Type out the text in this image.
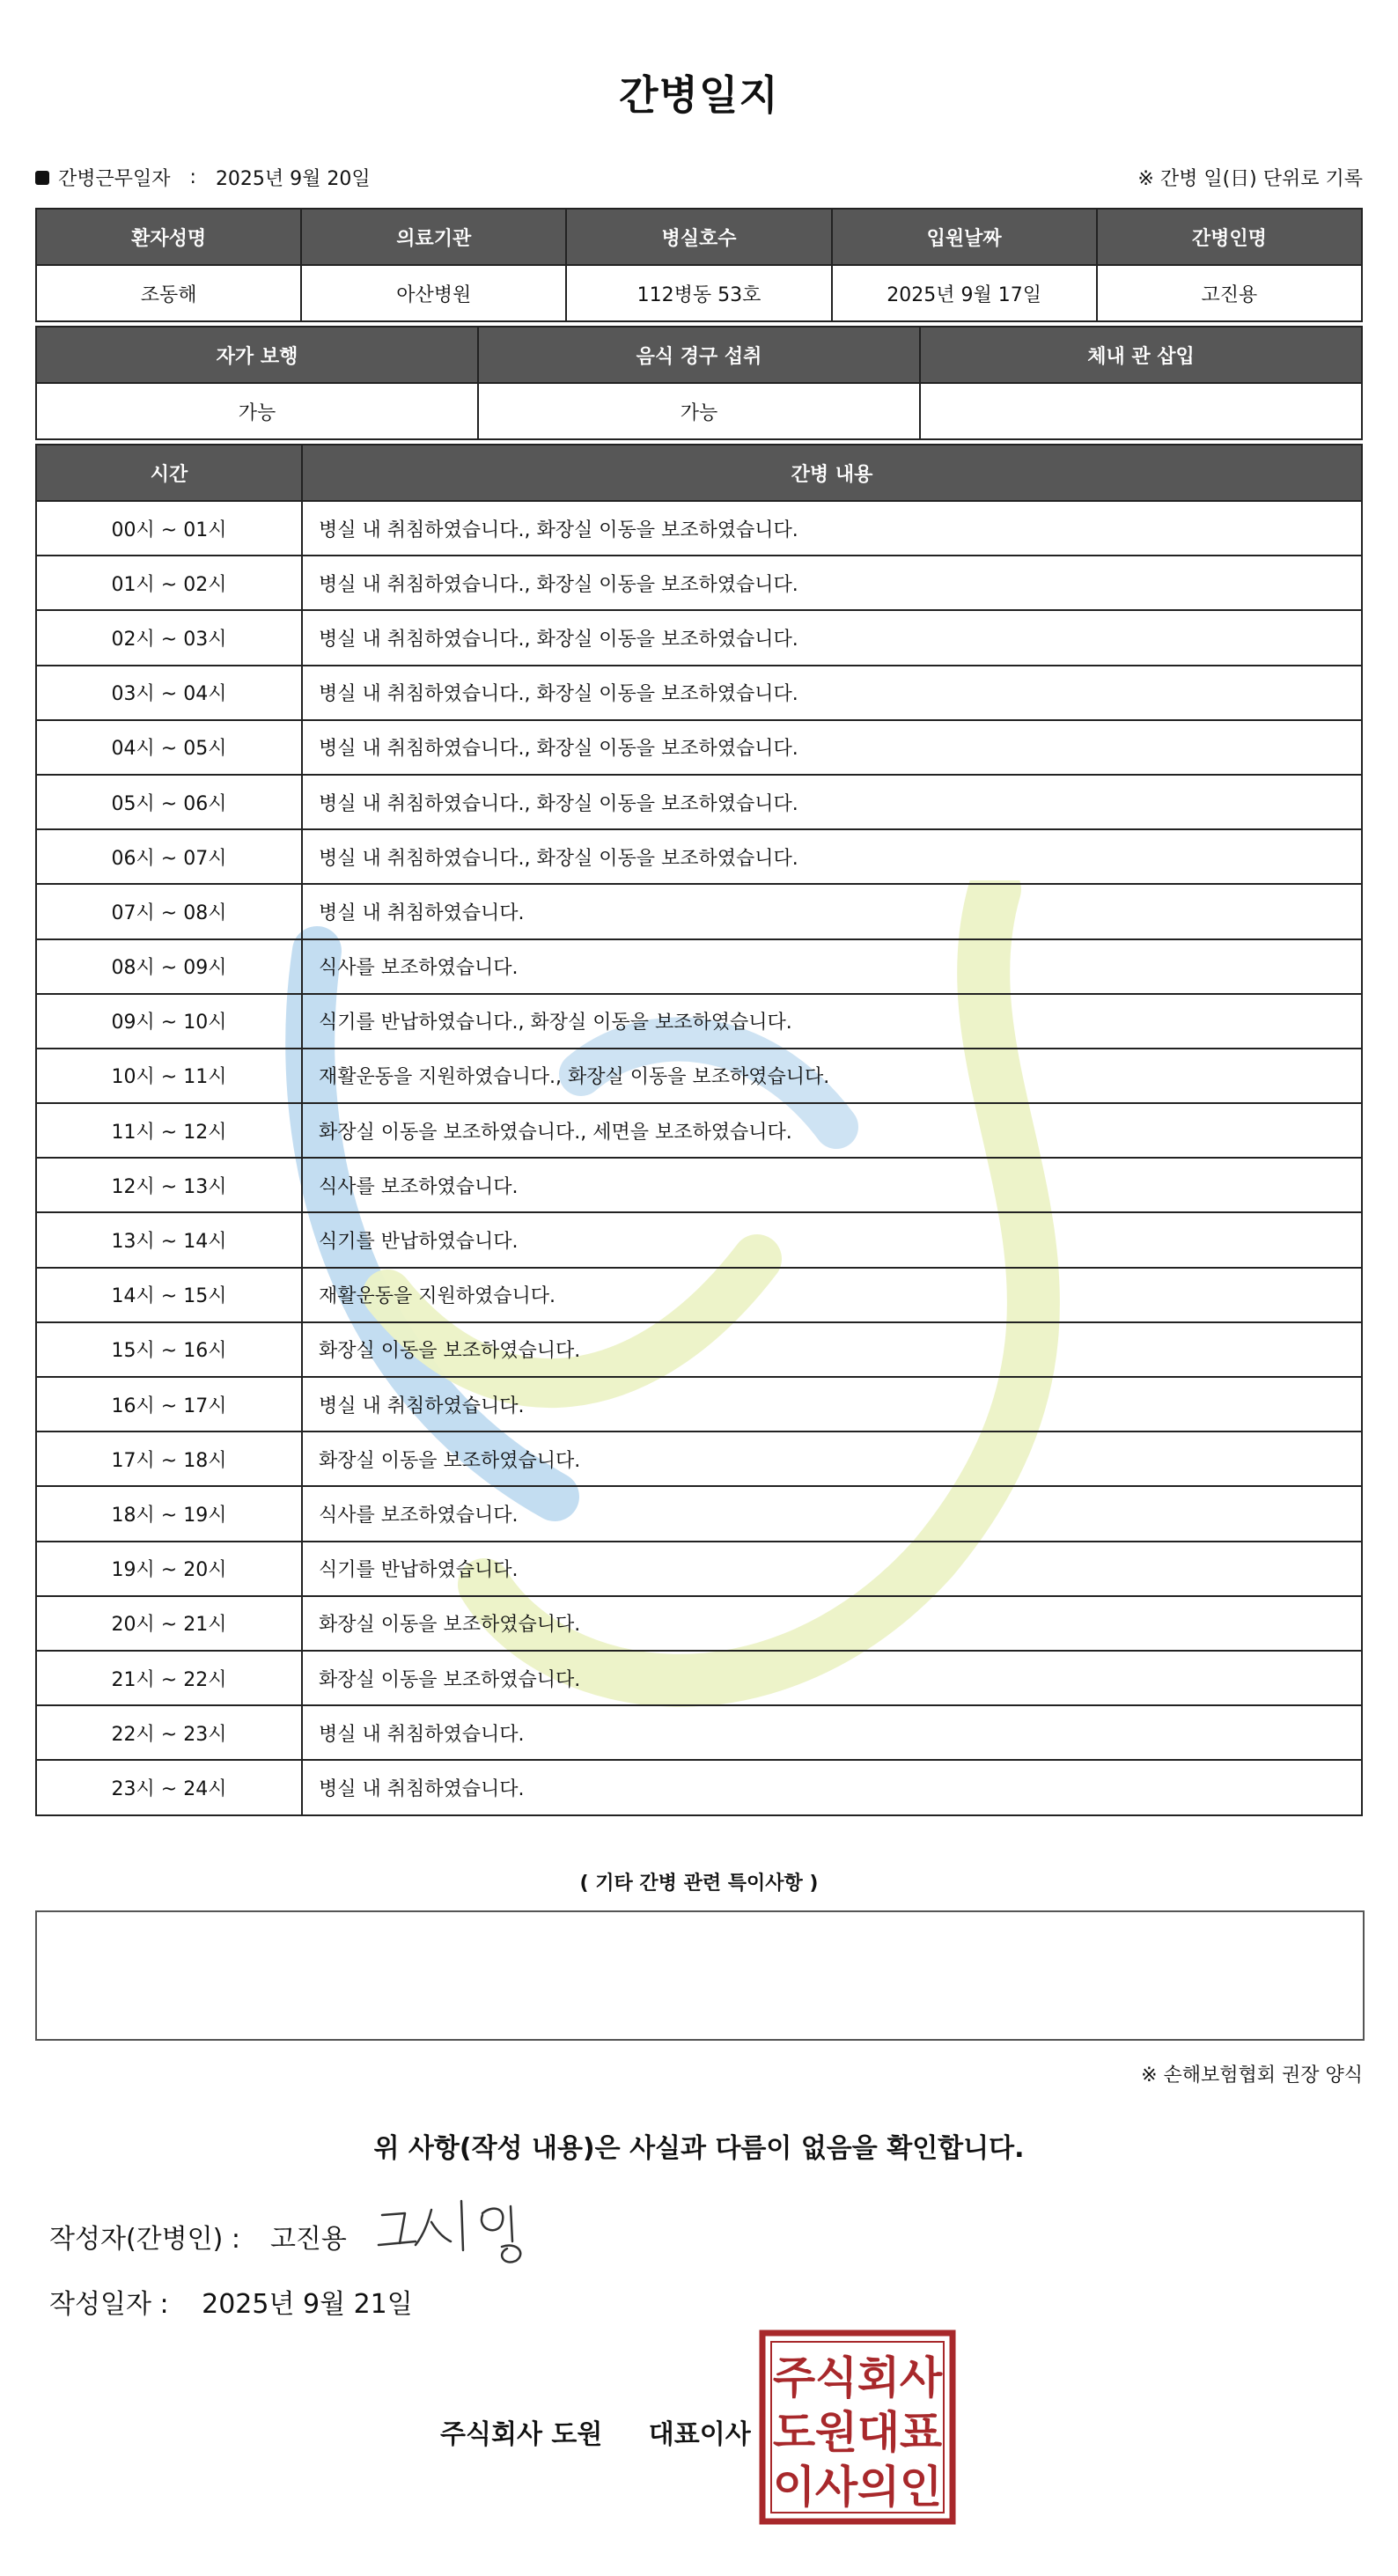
간병일지
간병근무일자 : 2025년 9월 20일	※ 간병 일(日) 단위로 기록
환자성명	의료기관	병실호수	입원날짜	간병인명
조동해	아산병원	112병동 53호	2025년 9월 17일	고진용
자가 보행	음식 경구 섭취	체내 관 삽입
가능	가능	
시간	간병 내용
00시 ~ 01시	병실 내 취침하였습니다., 화장실 이동을 보조하였습니다.
01시 ~ 02시	병실 내 취침하였습니다., 화장실 이동을 보조하였습니다.
02시 ~ 03시	병실 내 취침하였습니다., 화장실 이동을 보조하였습니다.
03시 ~ 04시	병실 내 취침하였습니다., 화장실 이동을 보조하였습니다.
04시 ~ 05시	병실 내 취침하였습니다., 화장실 이동을 보조하였습니다.
05시 ~ 06시	병실 내 취침하였습니다., 화장실 이동을 보조하였습니다.
06시 ~ 07시	병실 내 취침하였습니다., 화장실 이동을 보조하였습니다.
07시 ~ 08시	병실 내 취침하였습니다.
08시 ~ 09시	식사를 보조하였습니다.
09시 ~ 10시	식기를 반납하였습니다., 화장실 이동을 보조하였습니다.
10시 ~ 11시	재활운동을 지원하였습니다., 화장실 이동을 보조하였습니다.
11시 ~ 12시	화장실 이동을 보조하였습니다., 세면을 보조하였습니다.
12시 ~ 13시	식사를 보조하였습니다.
13시 ~ 14시	식기를 반납하였습니다.
14시 ~ 15시	재활운동을 지원하였습니다.
15시 ~ 16시	화장실 이동을 보조하였습니다.
16시 ~ 17시	병실 내 취침하였습니다.
17시 ~ 18시	화장실 이동을 보조하였습니다.
18시 ~ 19시	식사를 보조하였습니다.
19시 ~ 20시	식기를 반납하였습니다.
20시 ~ 21시	화장실 이동을 보조하였습니다.
21시 ~ 22시	화장실 이동을 보조하였습니다.
22시 ~ 23시	병실 내 취침하였습니다.
23시 ~ 24시	병실 내 취침하였습니다.
( 기타 간병 관련 특이사항 )
※ 손해보험협회 권장 양식
위 사항(작성 내용)은 사실과 다름이 없음을 확인합니다.
작성자(간병인) : 고진용
작성일자 : 2025년 9월 21일
주식회사 도원 대표이사
주 식 회 사
도 원 대 표
이 사 의 인
